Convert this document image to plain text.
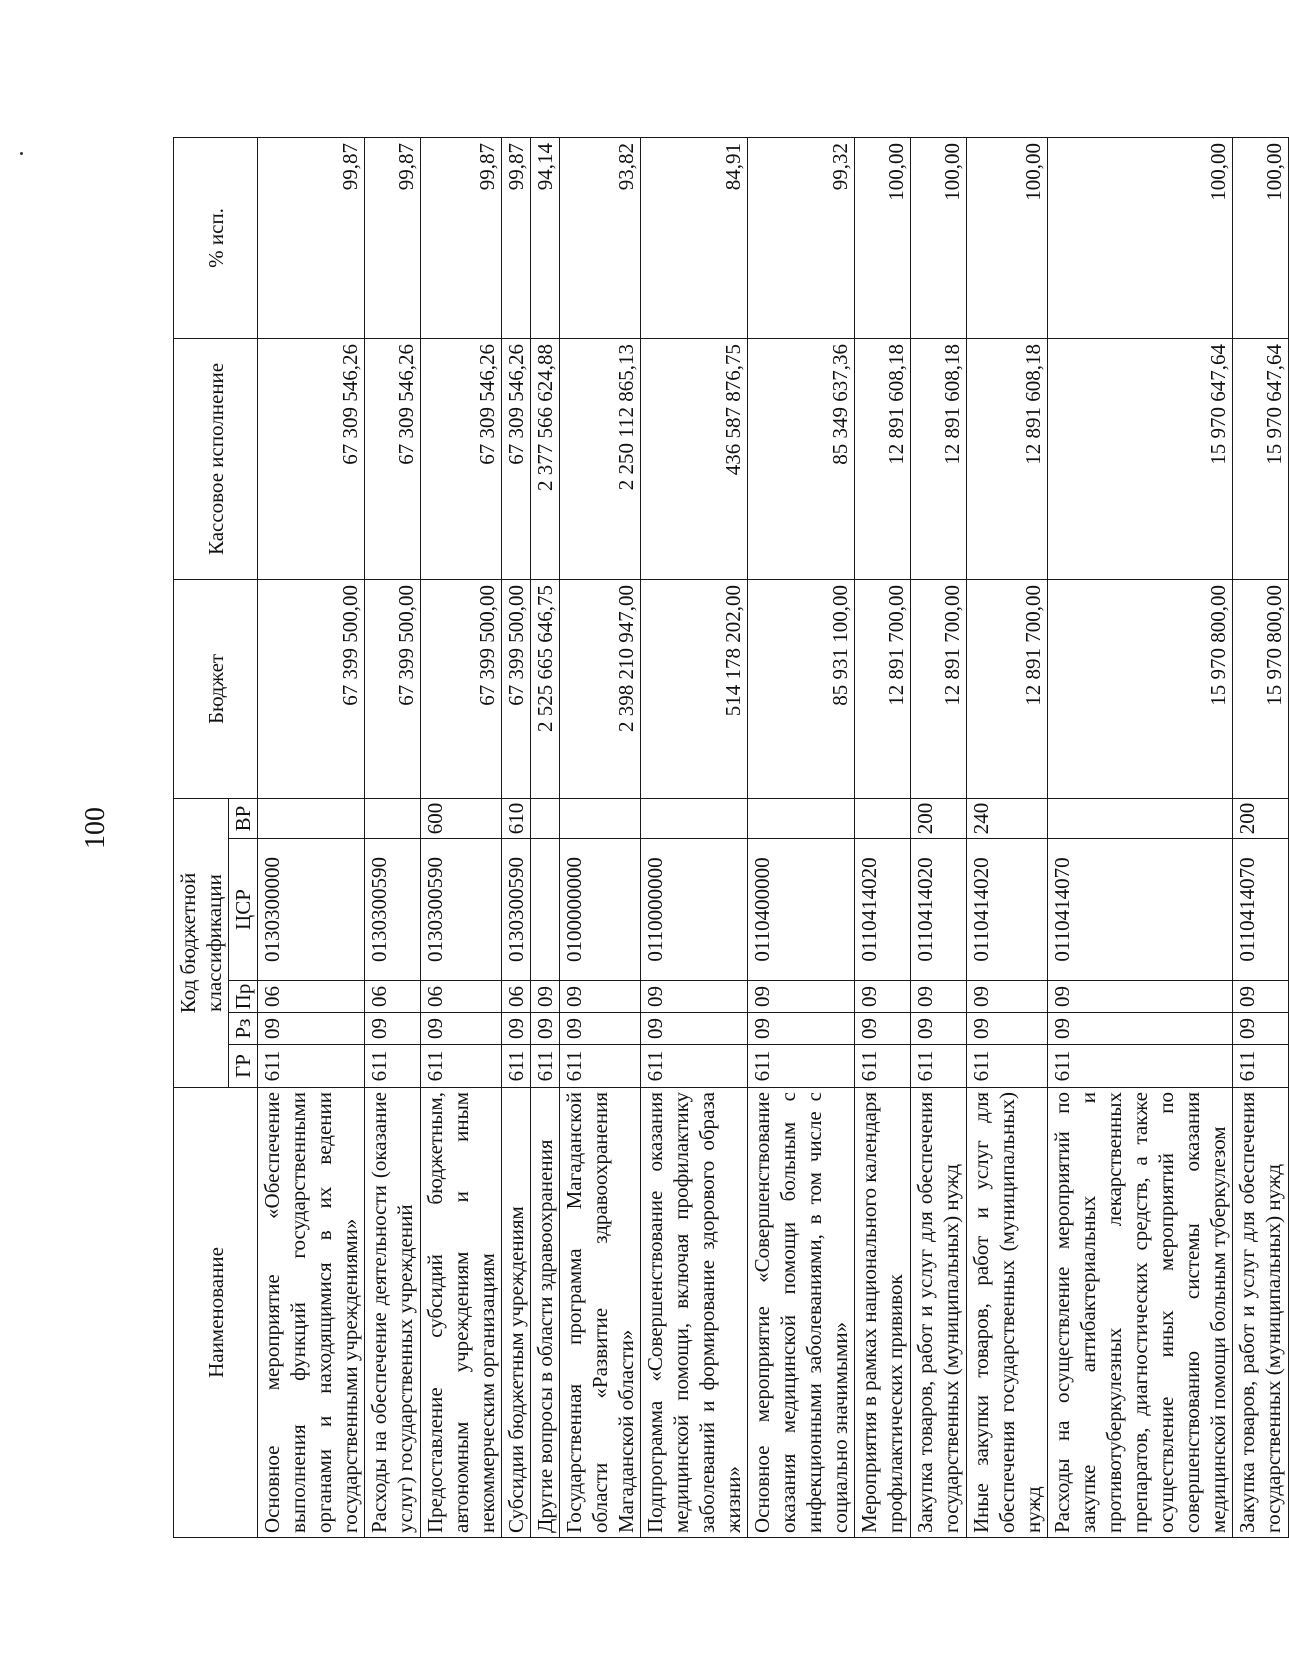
100
Наименование	Код бюджетной классификации					Бюджет	Кассовое исполнение	% исп.
	ГР	Рз	Пр	ЦСР	ВР			
Основное мероприятие «Обеспечение выполнения функций государственными органами и находящимися в их ведении государственными учреждениями»	611	09	06	0130300000		67 399 500,00	67 309 546,26	99,87
Расходы на обеспечение деятельности (оказание услуг) государственных учреждений	611	09	06	0130300590		67 399 500,00	67 309 546,26	99,87
Предоставление субсидий бюджетным, автономным учреждениям и иным некоммерческим организациям	611	09	06	0130300590	600	67 399 500,00	67 309 546,26	99,87
Субсидии бюджетным учреждениям	611	09	06	0130300590	610	67 399 500,00	67 309 546,26	99,87
Другие вопросы в области здравоохранения	611	09	09			2 525 665 646,75	2 377 566 624,88	94,14
Государственная программа Магаданской области «Развитие здравоохранения Магаданской области»	611	09	09	0100000000		2 398 210 947,00	2 250 112 865,13	93,82
Подпрограмма «Совершенствование оказания медицинской помощи, включая профилактику заболеваний и формирование здорового образа жизни»	611	09	09	0110000000		514 178 202,00	436 587 876,75	84,91
Основное мероприятие «Совершенствование оказания медицинской помощи больным с инфекционными заболеваниями, в том числе с социально значимыми»	611	09	09	0110400000		85 931 100,00	85 349 637,36	99,32
Мероприятия в рамках национального календаря профилактических прививок	611	09	09	0110414020		12 891 700,00	12 891 608,18	100,00
Закупка товаров, работ и услуг для обеспечения государственных (муниципальных) нужд	611	09	09	0110414020	200	12 891 700,00	12 891 608,18	100,00
Иные закупки товаров, работ и услуг для обеспечения государственных (муниципальных) нужд	611	09	09	0110414020	240	12 891 700,00	12 891 608,18	100,00
Расходы на осуществление мероприятий по закупке антибактериальных и противотуберкулезных лекарственных препаратов, диагностических средств, а также осуществление иных мероприятий по совершенствованию системы оказания медицинской помощи больным туберкулезом	611	09	09	0110414070		15 970 800,00	15 970 647,64	100,00
Закупка товаров, работ и услуг для обеспечения государственных (муниципальных) нужд	611	09	09	0110414070	200	15 970 800,00	15 970 647,64	100,00
